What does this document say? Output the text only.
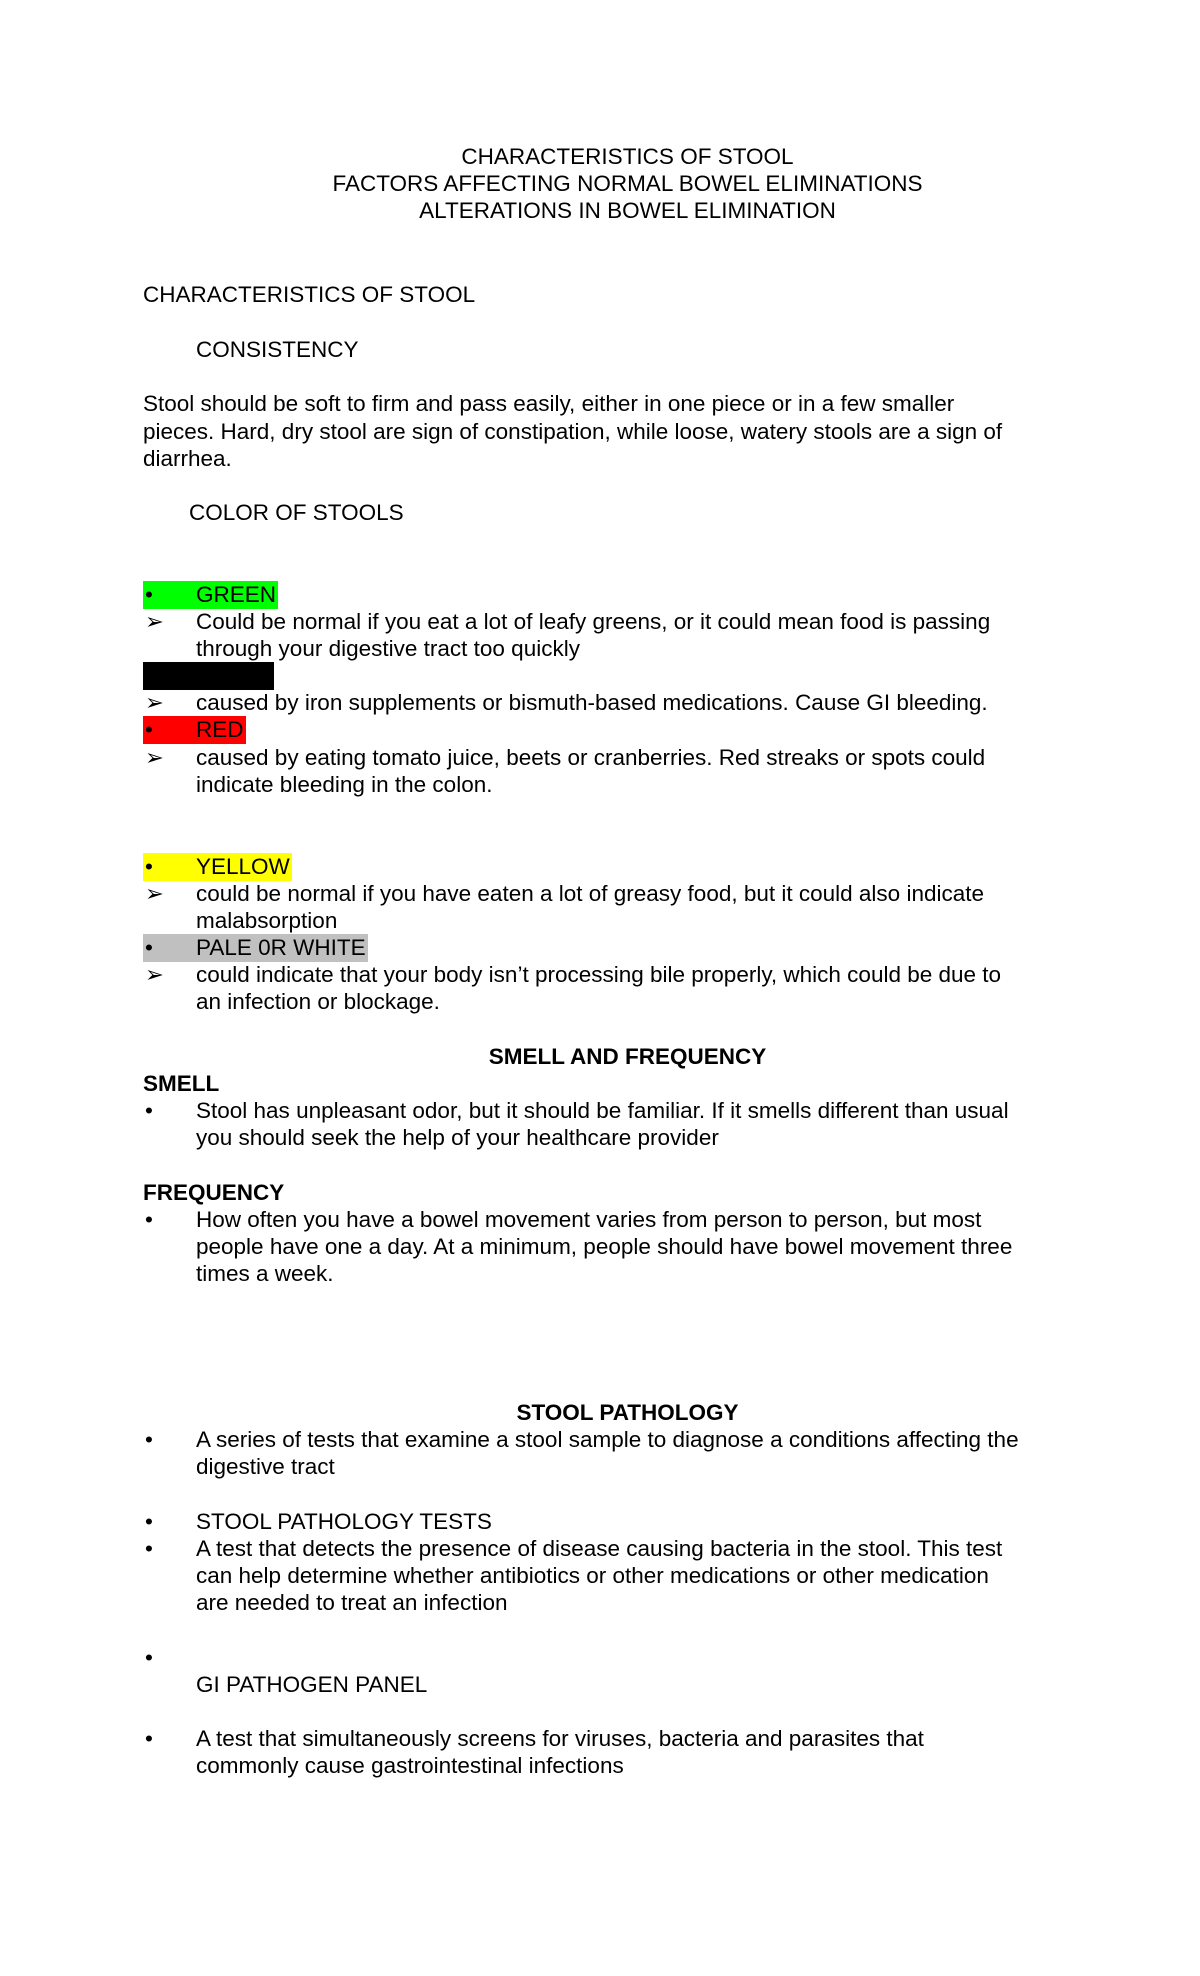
CHARACTERISTICS OF STOOL
FACTORS AFFECTING NORMAL BOWEL ELIMINATIONS
ALTERATIONS IN BOWEL ELIMINATION
CHARACTERISTICS OF STOOL
CONSISTENCY
Stool should be soft to firm and pass easily, either in one piece or in a few smaller
pieces. Hard, dry stool are sign of constipation, while loose, watery stools are a sign of
diarrhea.
COLOR OF STOOLS
• GREEN
➢ Could be normal if you eat a lot of leafy greens, or it could mean food is passing
through your digestive tract too quickly
➢ caused by iron supplements or bismuth-based medications. Cause GI bleeding.
• RED
➢ caused by eating tomato juice, beets or cranberries. Red streaks or spots could
indicate bleeding in the colon.
• YELLOW
➢ could be normal if you have eaten a lot of greasy food, but it could also indicate
malabsorption
• PALE 0R WHITE
➢ could indicate that your body isn’t processing bile properly, which could be due to
an infection or blockage.
SMELL AND FREQUENCY
SMELL
• Stool has unpleasant odor, but it should be familiar. If it smells different than usual
you should seek the help of your healthcare provider
FREQUENCY
• How often you have a bowel movement varies from person to person, but most
people have one a day. At a minimum, people should have bowel movement three
times a week.
STOOL PATHOLOGY
• A series of tests that examine a stool sample to diagnose a conditions affecting the
digestive tract
• STOOL PATHOLOGY TESTS
• A test that detects the presence of disease causing bacteria in the stool. This test
can help determine whether antibiotics or other medications or other medication
are needed to treat an infection
•
GI PATHOGEN PANEL
• A test that simultaneously screens for viruses, bacteria and parasites that
commonly cause gastrointestinal infections
